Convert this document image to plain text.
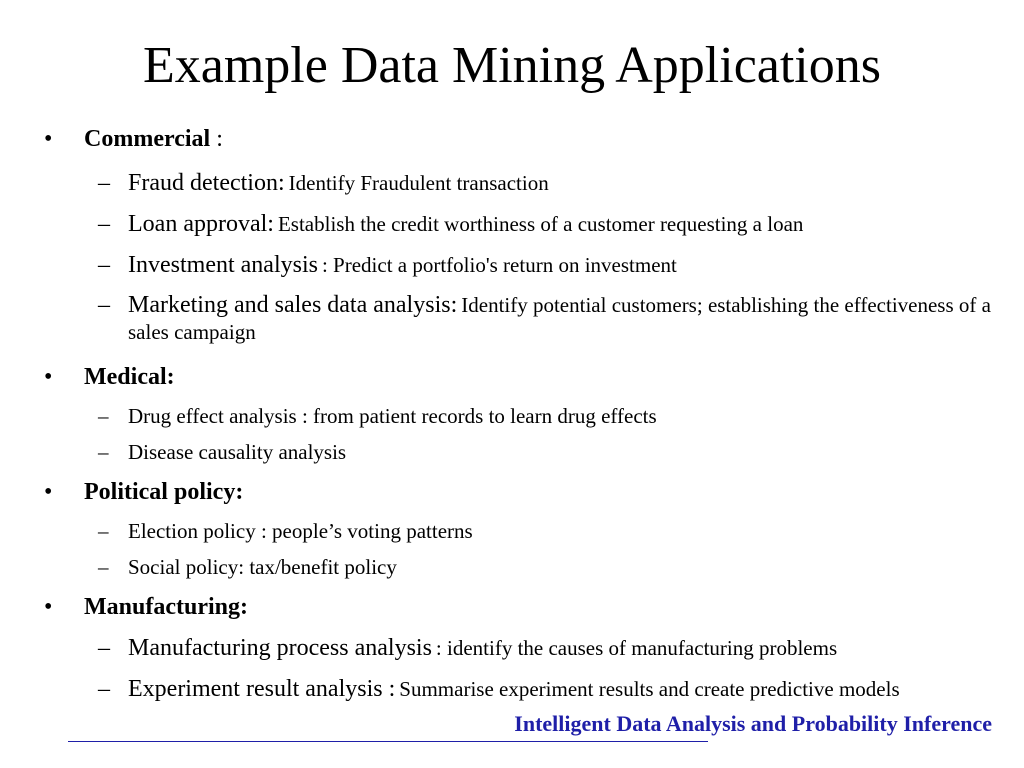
Example Data Mining Applications
• Commercial :
– Fraud detection: Identify Fraudulent transaction
– Loan approval: Establish the credit worthiness of a customer requesting a loan
– Investment analysis : Predict a portfolio's return on investment
– Marketing and sales data analysis: Identify potential customers; establishing the effectiveness of a sales campaign
• Medical:
– Drug effect analysis : from patient records to learn drug effects
– Disease causality analysis
• Political policy:
– Election policy : people’s voting patterns
– Social policy: tax/benefit policy
• Manufacturing:
– Manufacturing process analysis : identify the causes of manufacturing problems
– Experiment result analysis : Summarise experiment results and create predictive models
Intelligent Data Analysis and Probability Inference
